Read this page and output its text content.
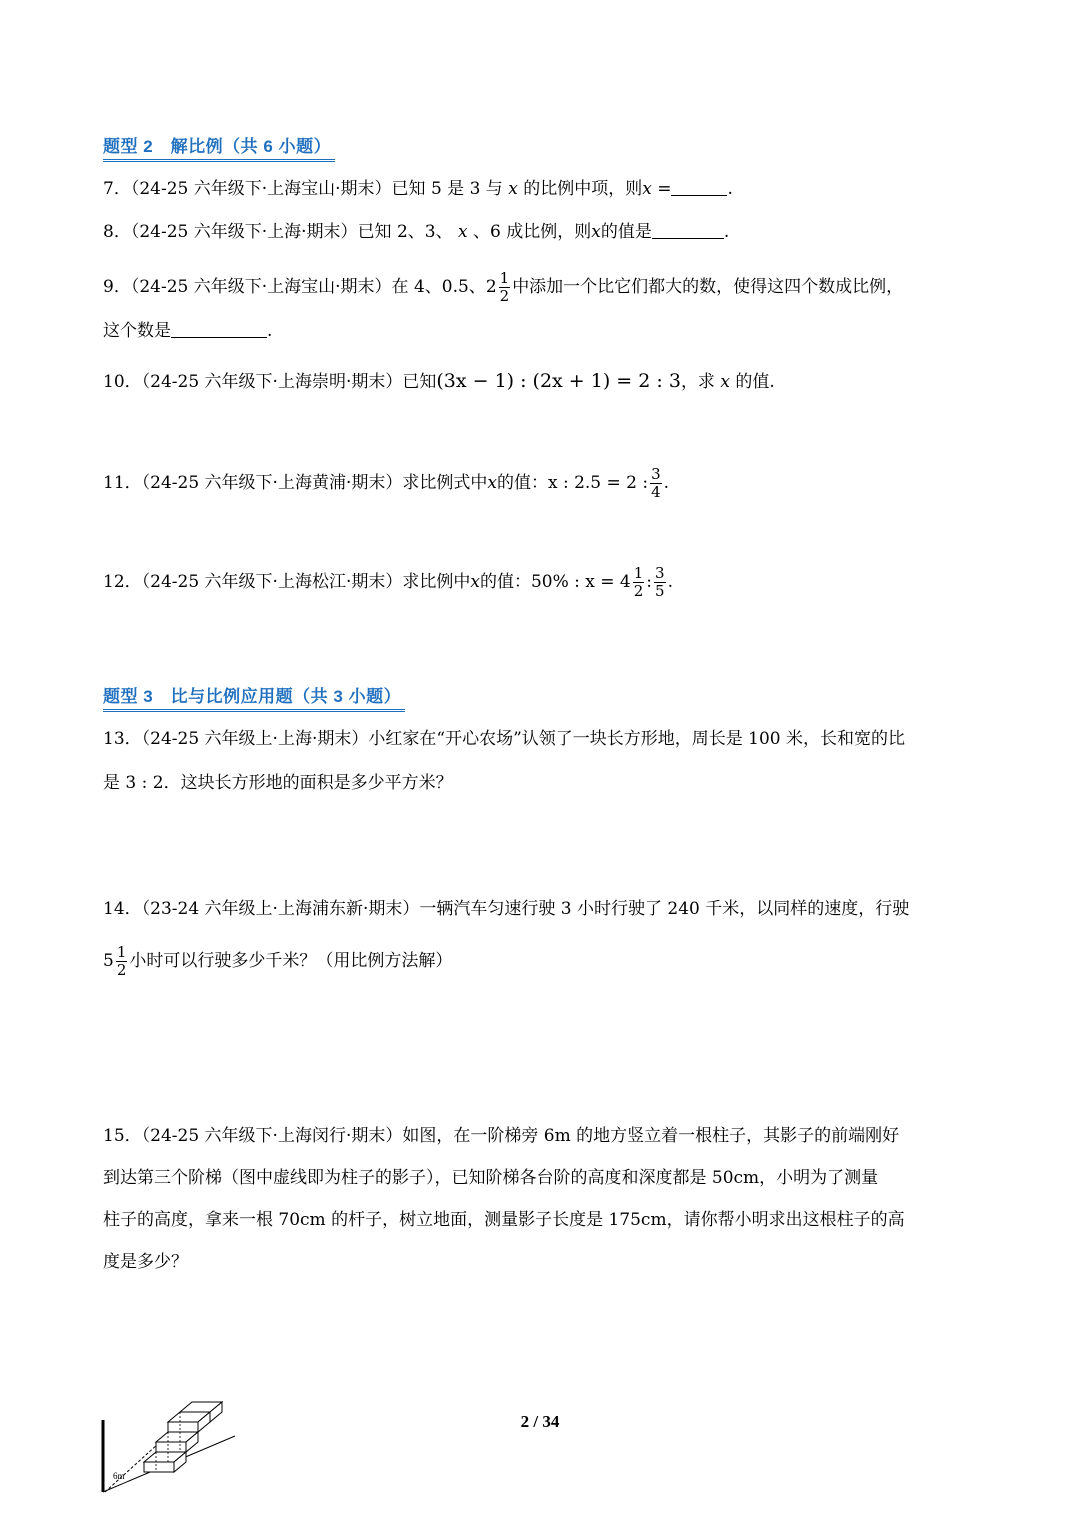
题型 2　解比例（共 6 小题）
7．（24-25 六年级下·上海宝山·期末）已知 5 是 3 与 x 的比例中项，则x =	.
8．（24-25 六年级下·上海·期末）已知 2、3、 x 、6 成比例，则x的值是	.
9．（24-25 六年级下·上海宝山·期末）在 4、0.5、$2 \frac{1}{2}$ 中添加一个比它们都大的数，使得这四个数成比例，
这个数是	.
10．（24-25 六年级下·上海崇明·期末）已知(3x − 1) : (2x + 1) = 2 : 3，求 x 的值.
11．（24-25 六年级下·上海黄浦·期末）求比例式中x的值：x : 2.5 = 2 : $\frac{3}{4}$ .
12．（24-25 六年级下·上海松江·期末）求比例中x的值：50% : $x = 4 \frac{1}{2}$ : $\frac{3}{5}$ .
题型 3　比与比例应用题（共 3 小题）
13．（24-25 六年级上·上海·期末）小红家在“开心农场”认领了一块长方形地，周长是 100 米，长和宽的比
是 3 : 2．这块长方形地的面积是多少平方米？
14．（23-24 六年级上·上海浦东新·期末）一辆汽车匀速行驶 3 小时行驶了 240 千米，以同样的速度，行驶
$5 \frac{1}{2}$ 小时可以行驶多少千米？（用比例方法解）
15．（24-25 六年级下·上海闵行·期末）如图，在一阶梯旁 6m 的地方竖立着一根柱子，其影子的前端刚好
到达第三个阶梯（图中虚线即为柱子的影子），已知阶梯各台阶的高度和深度都是 50cm，小明为了测量
柱子的高度，拿来一根 70cm 的杆子，树立地面，测量影子长度是 175cm，请你帮小明求出这根柱子的高
度是多少？
6m
2 / 34
